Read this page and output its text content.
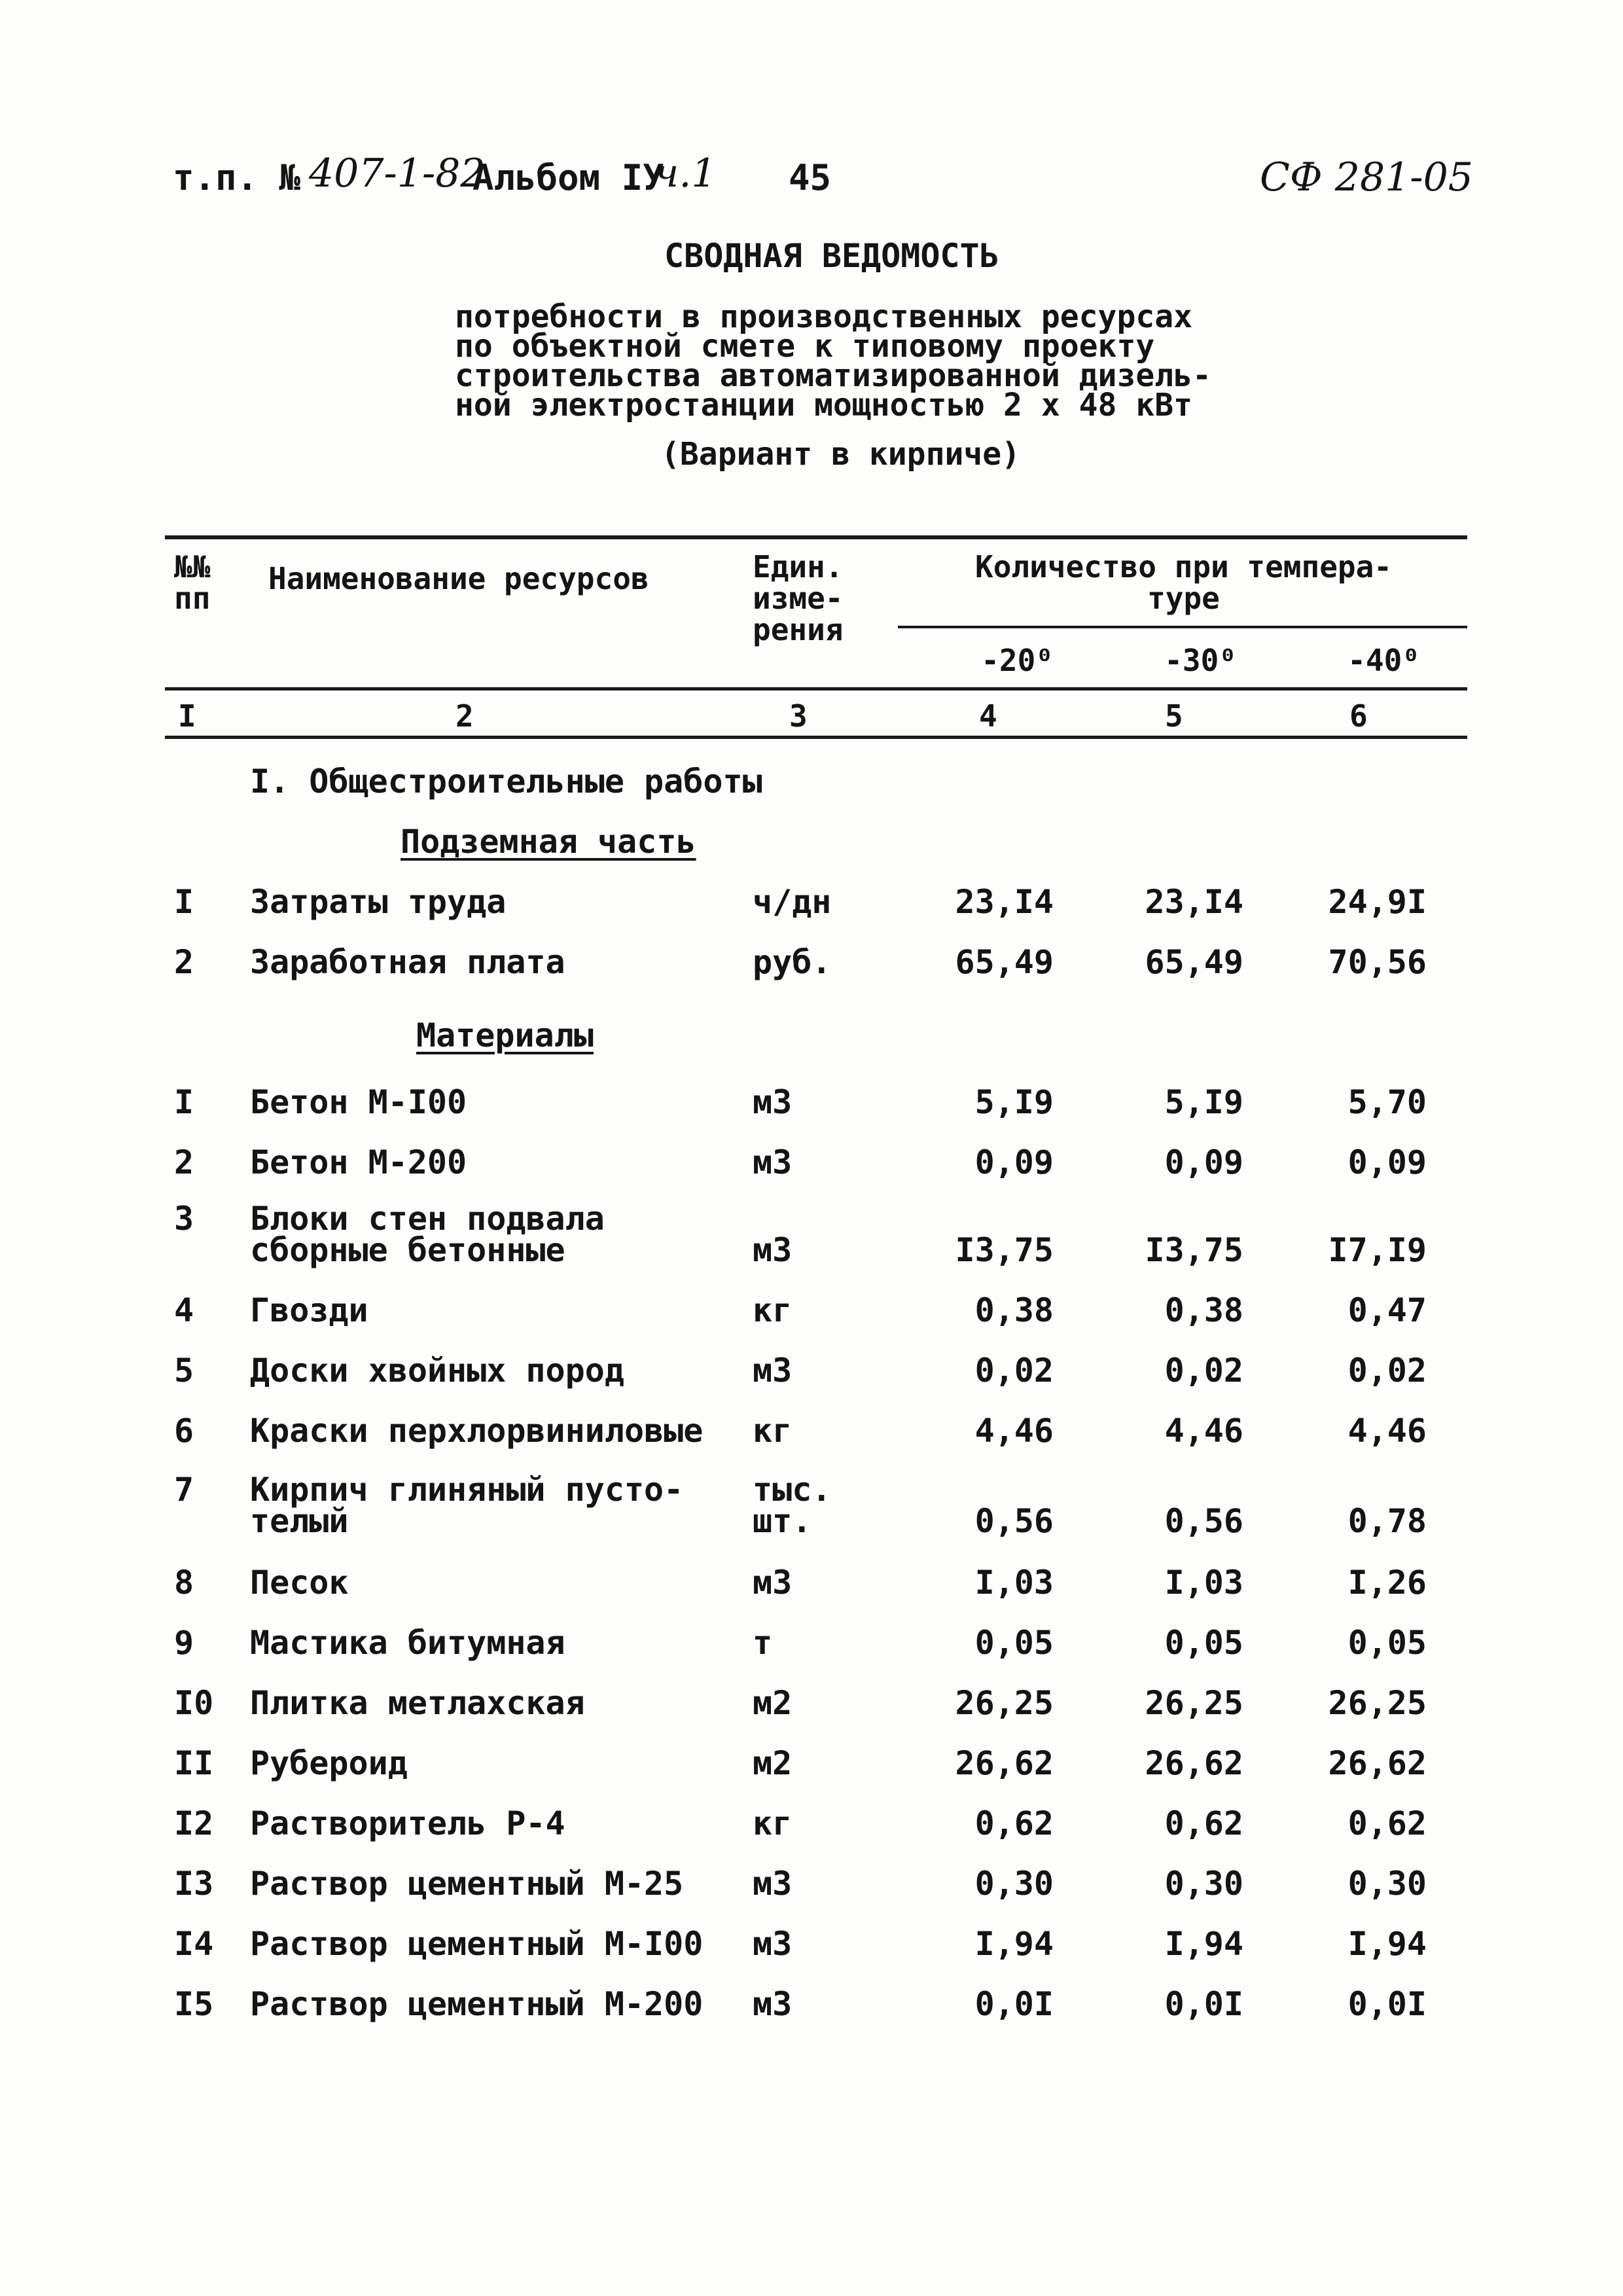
т.п. № 407-1-82
Альбом IУ
ч.1 45	СФ 281-05
СВОДНАЯ ВЕДОМОСТЬ
потребности в производственных ресурсах
по объектной смете к типовому проекту
строительства автоматизированной дизель-
ной электростанции мощностью 2 х 48 кВт
(Вариант в кирпиче)
№№
пп
Наименование ресурсов	Един.
изме-
рения
Количество при темпера-
туре
-20⁰	-30⁰	-40⁰
I	2	3	4	5	6
I. Общестроительные работы
Подземная часть
I	Затраты труда	ч/дн	23,I4	23,I4	24,9I
2	Заработная плата	руб.	65,49	65,49	70,56
Материалы
I	Бетон М-I00	м3	5,I9	5,I9	5,70
2	Бетон М-200	м3	0,09	0,09	0,09
3	Блоки стен подвала
сборные бетонные	м3	I3,75	I3,75	I7,I9
4	Гвозди	кг	0,38	0,38	0,47
5	Доски хвойных пород	м3	0,02	0,02	0,02
6	Краски перхлорвиниловые	кг	4,46	4,46	4,46
7	Кирпич глиняный пусто-
телый
тыс.
шт.	0,56	0,56	0,78
8	Песок	м3	I,03	I,03	I,26
9	Мастика битумная	т	0,05	0,05	0,05
I0	Плитка метлахская	м2	26,25	26,25	26,25
II	Рубероид	м2	26,62	26,62	26,62
I2	Растворитель Р-4	кг	0,62	0,62	0,62
I3	Раствор цементный М-25	м3	0,30	0,30	0,30
I4	Раствор цементный М-I00	м3	I,94	I,94	I,94
I5	Раствор цементный М-200	м3	0,0I	0,0I	0,0I
